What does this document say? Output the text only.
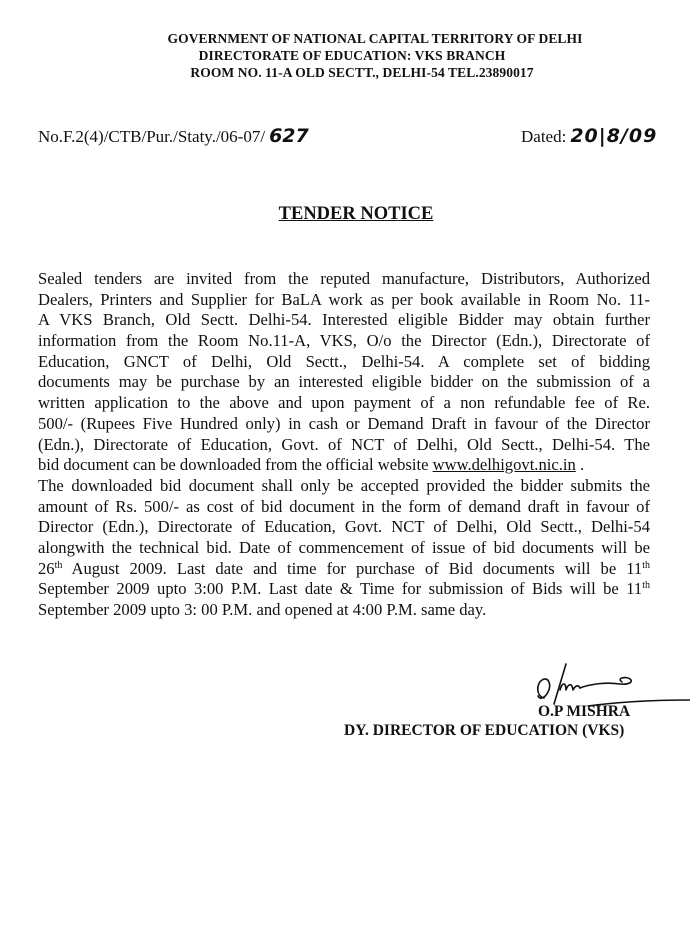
GOVERNMENT OF NATIONAL CAPITAL TERRITORY OF DELHI
DIRECTORATE OF EDUCATION: VKS BRANCH
ROOM NO. 11-A OLD SECTT., DELHI-54 TEL.23890017
No.F.2(4)/CTB/Pur./Staty./06-07/ 627	Dated: 20|8/09
TENDER NOTICE
Sealed tenders are invited from the reputed manufacture, Distributors, Authorized
Dealers, Printers and Supplier for BaLA work as per book available in Room No. 11-
A VKS Branch, Old Sectt. Delhi-54. Interested eligible Bidder may obtain further
information from the Room No.11-A, VKS, O/o the Director (Edn.), Directorate of
Education, GNCT of Delhi, Old Sectt., Delhi-54. A complete set of bidding
documents may be purchase by an interested eligible bidder on the submission of a
written application to the above and upon payment of a non refundable fee of Re.
500/- (Rupees Five Hundred only) in cash or Demand Draft in favour of the Director
(Edn.), Directorate of Education, Govt. of NCT of Delhi, Old Sectt., Delhi-54. The
bid document can be downloaded from the official website www.delhigovt.nic.in .
The downloaded bid document shall only be accepted provided the bidder submits the
amount of Rs. 500/- as cost of bid document in the form of demand draft in favour of
Director (Edn.), Directorate of Education, Govt. NCT of Delhi, Old Sectt., Delhi-54
alongwith the technical bid. Date of commencement of issue of bid documents will be
26th August 2009. Last date and time for purchase of Bid documents will be 11th
September 2009 upto 3:00 P.M. Last date & Time for submission of Bids will be 11th
September 2009 upto 3: 00 P.M. and opened at 4:00 P.M. same day.
O.P MISHRA
DY. DIRECTOR OF EDUCATION (VKS)
